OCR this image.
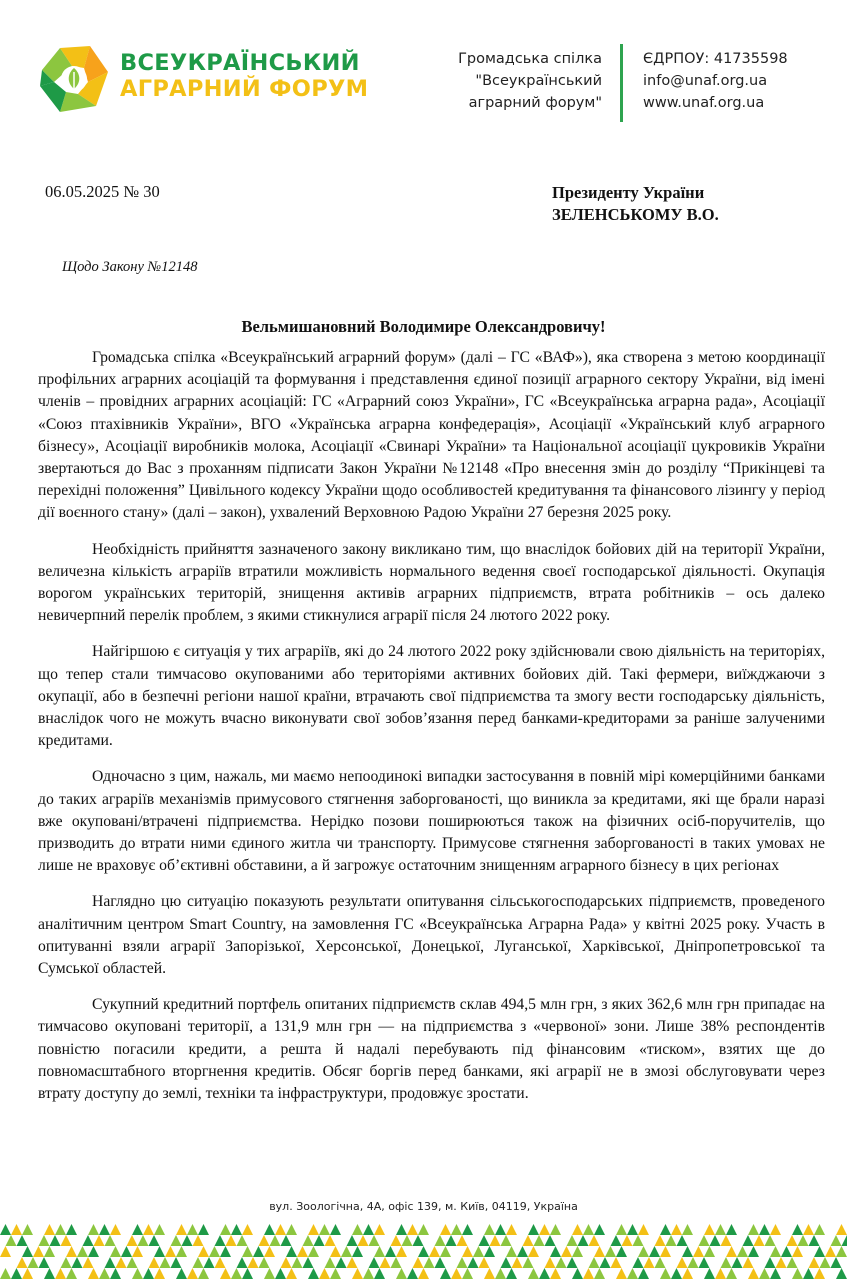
ВСЕУКРАЇНСЬКИЙ
АГРАРНИЙ ФОРУМ
Громадська спілка
"Всеукраїнський
аграрний форум"
ЄДРПОУ: 41735598
info@unaf.org.ua
www.unaf.org.ua
06.05.2025 № 30	Президенту України
ЗЕЛЕНСЬКОМУ В.О.
Щодо Закону №12148
Вельмишановний Володимире Олександровичу!

Громадська спілка «Всеукраїнський аграрний форум» (далі – ГС «ВАФ»), яка створена з метою координації профільних аграрних асоціацій та формування і представлення єдиної позиції аграрного сектору України, від імені членів – провідних аграрних асоціацій: ГС «Аграрний союз України», ГС «Всеукраїнська аграрна рада», Асоціації «Союз птахівників України», ВГО «Українська аграрна конфедерація», Асоціації «Український клуб аграрного бізнесу», Асоціації виробників молока, Асоціації «Свинарі України» та Національної асоціації цукровиків України звертаються до Вас з проханням підписати Закон України №12148 «Про внесення змін до розділу “Прикінцеві та перехідні положення” Цивільного кодексу України щодо особливостей кредитування та фінансового лізингу у період дії воєнного стану» (далі – закон), ухвалений Верховною Радою України 27 березня 2025 року.

Необхідність прийняття зазначеного закону викликано тим, що внаслідок бойових дій на території України, величезна кількість аграріїв втратили можливість нормального ведення своєї господарської діяльності. Окупація ворогом українських територій, знищення активів аграрних підприємств, втрата робітників – ось далеко невичерпний перелік проблем, з якими стикнулися аграрії після 24 лютого 2022 року.

Найгіршою є ситуація у тих аграріїв, які до 24 лютого 2022 року здійснювали свою діяльність на територіях, що тепер стали тимчасово окупованими або територіями активних бойових дій. Такі фермери, виїжджаючи з окупації, або в безпечні регіони нашої країни, втрачають свої підприємства та змогу вести господарську діяльність, внаслідок чого не можуть вчасно виконувати свої зобов’язання перед банками-кредиторами за раніше залученими кредитами.

Одночасно з цим, нажаль, ми маємо непоодинокі випадки застосування в повній мірі комерційними банками до таких аграріїв механізмів примусового стягнення заборгованості, що виникла за кредитами, які ще брали наразі вже окуповані/втрачені підприємства. Нерідко позови поширюються також на фізичних осіб-поручителів, що призводить до втрати ними єдиного житла чи транспорту. Примусове стягнення заборгованості в таких умовах не лише не враховує об’єктивні обставини, а й загрожує остаточним знищенням аграрного бізнесу в цих регіонах

Наглядно цю ситуацію показують результати опитування сільськогосподарських підприємств, проведеного аналітичним центром Smart Country, на замовлення ГС «Всеукраїнська Аграрна Рада» у квітні 2025 року. Участь в опитуванні взяли аграрії Запорізької, Херсонської, Донецької, Луганської, Харківської, Дніпропетровської та Сумської областей.

Сукупний кредитний портфель опитаних підприємств склав 494,5 млн грн, з яких 362,6 млн грн припадає на тимчасово окуповані території, а 131,9 млн грн — на підприємства з «червоної» зони. Лише 38% респондентів повністю погасили кредити, а решта й надалі перебувають під фінансовим «тиском», взятих ще до повномасштабного вторгнення кредитів. Обсяг боргів перед банками, які аграрії не в змозі обслуговувати через втрату доступу до землі, техніки та інфраструктури, продовжує зростати.

вул. Зоологічна, 4А, офіс 139, м. Київ, 04119, Україна
